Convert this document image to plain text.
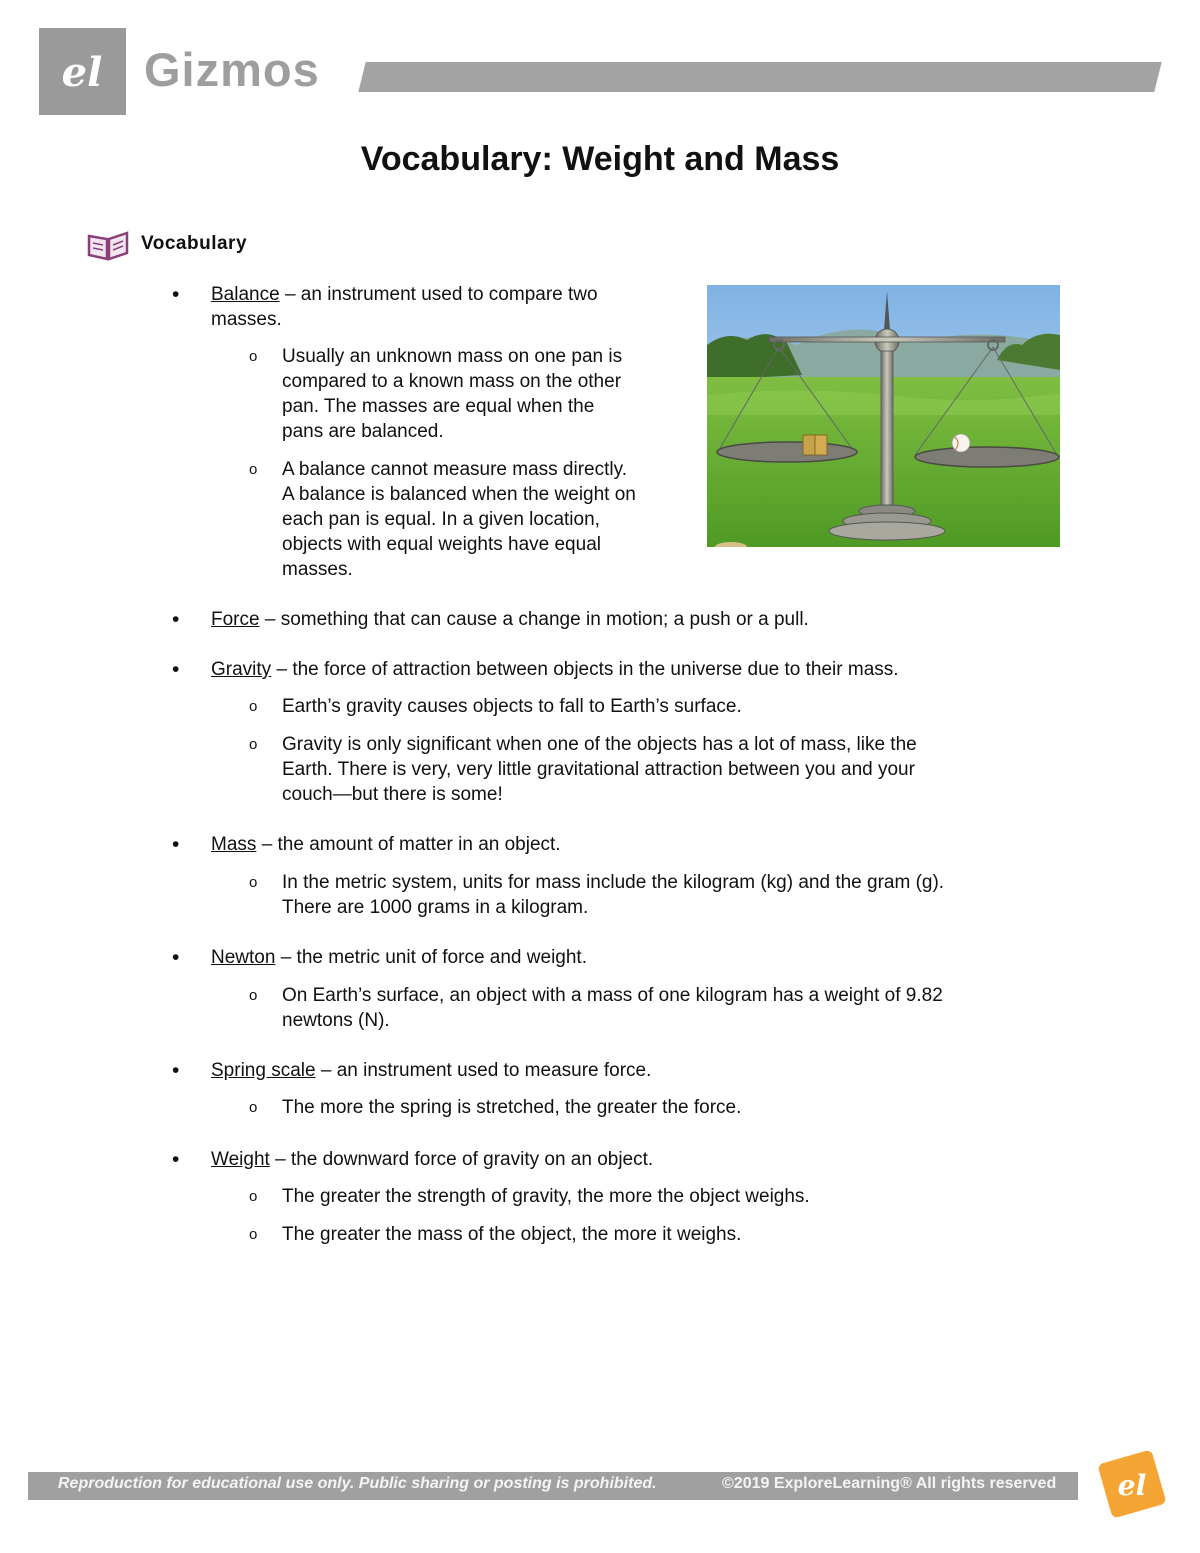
el Gizmos
Vocabulary: Weight and Mass
Vocabulary
• Balance – an instrument used to compare two
masses.
o Usually an unknown mass on one pan is
compared to a known mass on the other
pan. The masses are equal when the
pans are balanced.
o A balance cannot measure mass directly.
A balance is balanced when the weight on
each pan is equal. In a given location,
objects with equal weights have equal
masses.
• Force – something that can cause a change in motion; a push or a pull.
• Gravity – the force of attraction between objects in the universe due to their mass.
o Earth’s gravity causes objects to fall to Earth’s surface.
o Gravity is only significant when one of the objects has a lot of mass, like the
Earth. There is very, very little gravitational attraction between you and your
couch—but there is some!
• Mass – the amount of matter in an object.
o In the metric system, units for mass include the kilogram (kg) and the gram (g).
There are 1000 grams in a kilogram.
• Newton – the metric unit of force and weight.
o On Earth’s surface, an object with a mass of one kilogram has a weight of 9.82
newtons (N).
• Spring scale – an instrument used to measure force.
o The more the spring is stretched, the greater the force.
• Weight – the downward force of gravity on an object.
o The greater the strength of gravity, the more the object weighs.
o The greater the mass of the object, the more it weighs.
Reproduction for educational use only. Public sharing or posting is prohibited.	©2019 ExploreLearning® All rights reserved el
